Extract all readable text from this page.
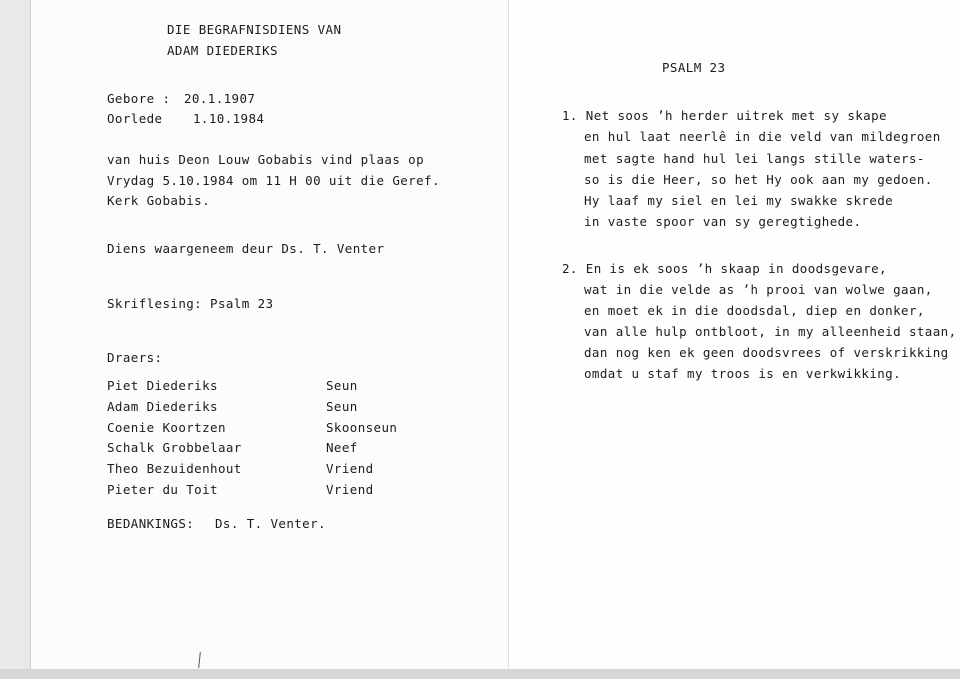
DIE BEGRAFNISDIENS VAN
ADAM DIEDERIKS
Gebore : 20.1.1907
Oorlede 1.10.1984
van huis Deon Louw Gobabis vind plaas op
Vrydag 5.10.1984 om 11 H 00 uit die Geref.
Kerk Gobabis.
Diens waargeneem deur Ds. T. Venter
Skriflesing: Psalm 23
Draers:
Piet Diederiks	Seun
Adam Diederiks	Seun
Coenie Koortzen	Skoonseun
Schalk Grobbelaar	Neef
Theo Bezuidenhout	Vriend
Pieter du Toit	Vriend
BEDANKINGS: Ds. T. Venter.
PSALM 23
1. Net soos ʼh herder uitrek met sy skape
en hul laat neerlê in die veld van mildegroen
met sagte hand hul lei langs stille waters-
so is die Heer, so het Hy ook aan my gedoen.
Hy laaf my siel en lei my swakke skrede
in vaste spoor van sy geregtighede.
2. En is ek soos ʼh skaap in doodsgevare,
wat in die velde as ʼh prooi van wolwe gaan,
en moet ek in die doodsdal, diep en donker,
van alle hulp ontbloot, in my alleenheid staan,
dan nog ken ek geen doodsvrees of verskrikking
omdat u staf my troos is en verkwikking.
